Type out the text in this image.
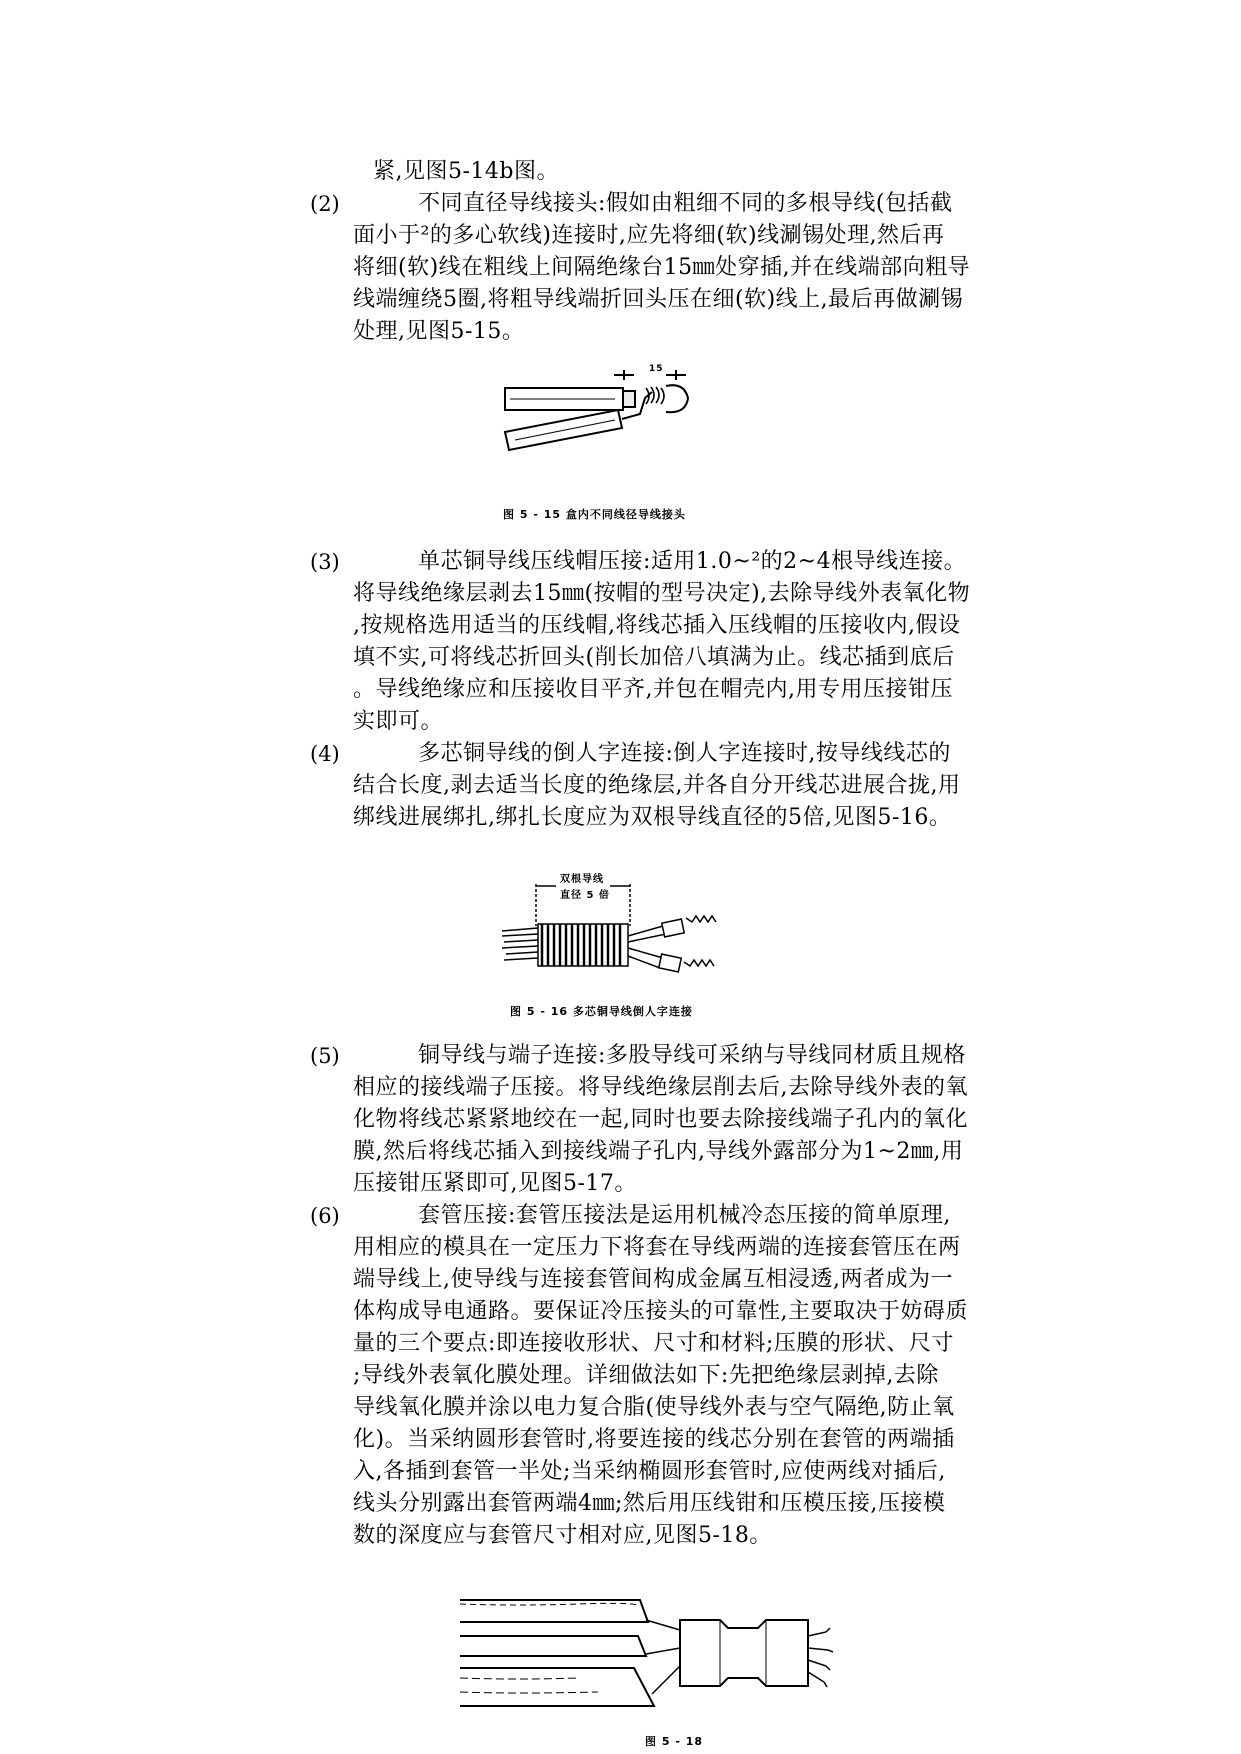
紧,见图5-14b图。
(2)	不同直径导线接头:假如由粗细不同的多根导线(包括截
面小于²的多心软线)连接时,应先将细(软)线涮锡处理,然后再
将细(软)线在粗线上间隔绝缘台15㎜处穿插,并在线端部向粗导
线端缠绕5圈,将粗导线端折回头压在细(软)线上,最后再做涮锡
处理,见图5-15。
图 5 - 15 盒内不同线径导线接头
15
(3)	单芯铜导线压线帽压接:适用1.0~²的2~4根导线连接。
将导线绝缘层剥去15㎜(按帽的型号决定),去除导线外表氧化物
,按规格选用适当的压线帽,将线芯插入压线帽的压接收内,假设
填不实,可将线芯折回头(削长加倍八填满为止。线芯插到底后
。导线绝缘应和压接收目平齐,并包在帽壳内,用专用压接钳压
实即可。
(4)	多芯铜导线的倒人字连接:倒人字连接时,按导线线芯的
结合长度,剥去适当长度的绝缘层,并各自分开线芯进展合拢,用
绑线进展绑扎,绑扎长度应为双根导线直径的5倍,见图5-16。
双根导线
直径 5 倍
图 5 - 16 多芯铜导线倒人字连接
(5)	铜导线与端子连接:多股导线可采纳与导线同材质且规格
相应的接线端子压接。将导线绝缘层削去后,去除导线外表的氧
化物将线芯紧紧地绞在一起,同时也要去除接线端子孔内的氧化
膜,然后将线芯插入到接线端子孔内,导线外露部分为1~2㎜,用
压接钳压紧即可,见图5-17。
(6)	套管压接:套管压接法是运用机械冷态压接的简单原理,
用相应的模具在一定压力下将套在导线两端的连接套管压在两
端导线上,使导线与连接套管间构成金属互相浸透,两者成为一
体构成导电通路。要保证冷压接头的可靠性,主要取决于妨碍质
量的三个要点:即连接收形状、尺寸和材料;压膜的形状、尺寸
;导线外表氧化膜处理。详细做法如下:先把绝缘层剥掉,去除
导线氧化膜并涂以电力复合脂(使导线外表与空气隔绝,防止氧
化)。当采纳圆形套管时,将要连接的线芯分别在套管的两端插
入,各插到套管一半处;当采纳椭圆形套管时,应使两线对插后,
线头分别露出套管两端4㎜;然后用压线钳和压模压接,压接模
数的深度应与套管尺寸相对应,见图5-18。
图 5 - 18
